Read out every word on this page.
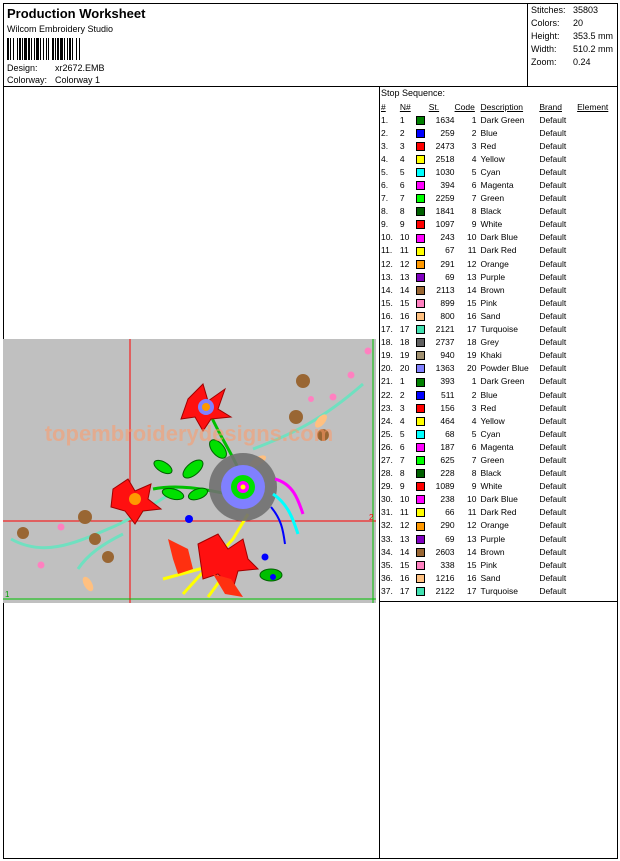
Production Worksheet
Wilcom Embroidery Studio
Design: xr2672.EMB
Colorway: Colorway 1
Stitches: 35803
Colors: 20
Height: 353.5 mm
Width: 510.2 mm
Zoom: 0.24
2
1
topembroiderydesigns.com
Stop Sequence:
#	N#		St.	Code	Description	Brand	Element
1.	1		1634	1	Dark Green	Default	
2.	2		259	2	Blue	Default	
3.	3		2473	3	Red	Default	
4.	4		2518	4	Yellow	Default	
5.	5		1030	5	Cyan	Default	
6.	6		394	6	Magenta	Default	
7.	7		2259	7	Green	Default	
8.	8		1841	8	Black	Default	
9.	9		1097	9	White	Default	
10.	10		243	10	Dark Blue	Default	
11.	11		67	11	Dark Red	Default	
12.	12		291	12	Orange	Default	
13.	13		69	13	Purple	Default	
14.	14		2113	14	Brown	Default	
15.	15		899	15	Pink	Default	
16.	16		800	16	Sand	Default	
17.	17		2121	17	Turquoise	Default	
18.	18		2737	18	Grey	Default	
19.	19		940	19	Khaki	Default	
20.	20		1363	20	Powder Blue	Default	
21.	1		393	1	Dark Green	Default	
22.	2		511	2	Blue	Default	
23.	3		156	3	Red	Default	
24.	4		464	4	Yellow	Default	
25.	5		68	5	Cyan	Default	
26.	6		187	6	Magenta	Default	
27.	7		625	7	Green	Default	
28.	8		228	8	Black	Default	
29.	9		1089	9	White	Default	
30.	10		238	10	Dark Blue	Default	
31.	11		66	11	Dark Red	Default	
32.	12		290	12	Orange	Default	
33.	13		69	13	Purple	Default	
34.	14		2603	14	Brown	Default	
35.	15		338	15	Pink	Default	
36.	16		1216	16	Sand	Default	
37.	17		2122	17	Turquoise	Default	
